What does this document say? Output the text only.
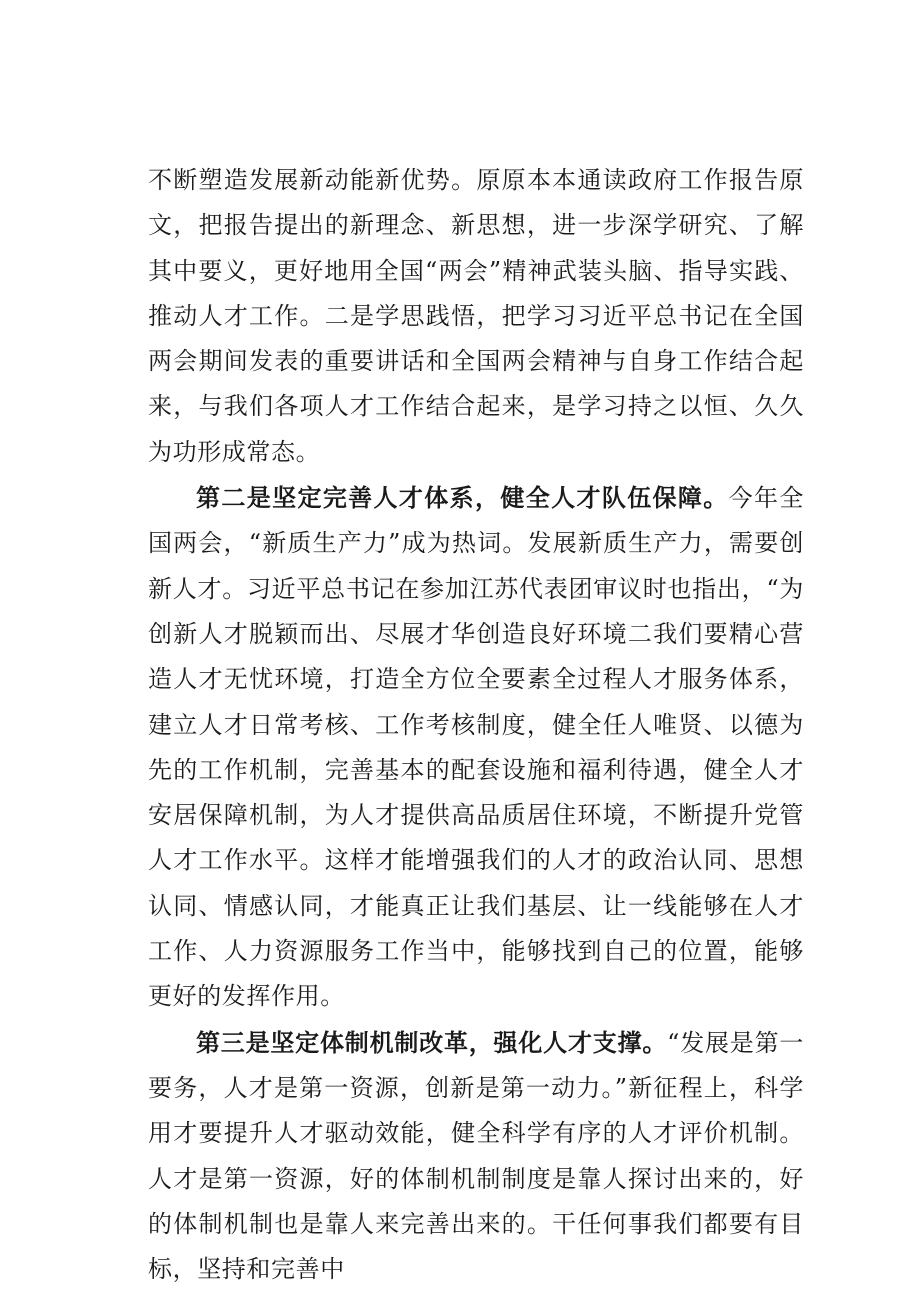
不断塑造发展新动能新优势。原原本本通读政府工作报告原文，把报告提出的新理念、新思想，进一步深学研究、了解其中要义，更好地用全国“两会”精神武装头脑、指导实践、推动人才工作。二是学思践悟，把学习习近平总书记在全国两会期间发表的重要讲话和全国两会精神与自身工作结合起来，与我们各项人才工作结合起来，是学习持之以恒、久久为功形成常态。

第二是坚定完善人才体系，健全人才队伍保障。今年全国两会，“新质生产力”成为热词。发展新质生产力，需要创新人才。习近平总书记在参加江苏代表团审议时也指出，“为创新人才脱颖而出、尽展才华创造良好环境二我们要精心营造人才无忧环境，打造全方位全要素全过程人才服务体系，建立人才日常考核、工作考核制度，健全任人唯贤、以德为先的工作机制，完善基本的配套设施和福利待遇，健全人才安居保障机制，为人才提供高品质居住环境，不断提升党管人才工作水平。这样才能增强我们的人才的政治认同、思想认同、情感认同，才能真正让我们基层、让一线能够在人才工作、人力资源服务工作当中，能够找到自己的位置，能够更好的发挥作用。

第三是坚定体制机制改革，强化人才支撑。“发展是第一要务，人才是第一资源，创新是第一动力。”新征程上，科学用才要提升人才驱动效能，健全科学有序的人才评价机制。人才是第一资源，好的体制机制制度是靠人探讨出来的，好的体制机制也是靠人来完善出来的。干任何事我们都要有目标，坚持和完善中
